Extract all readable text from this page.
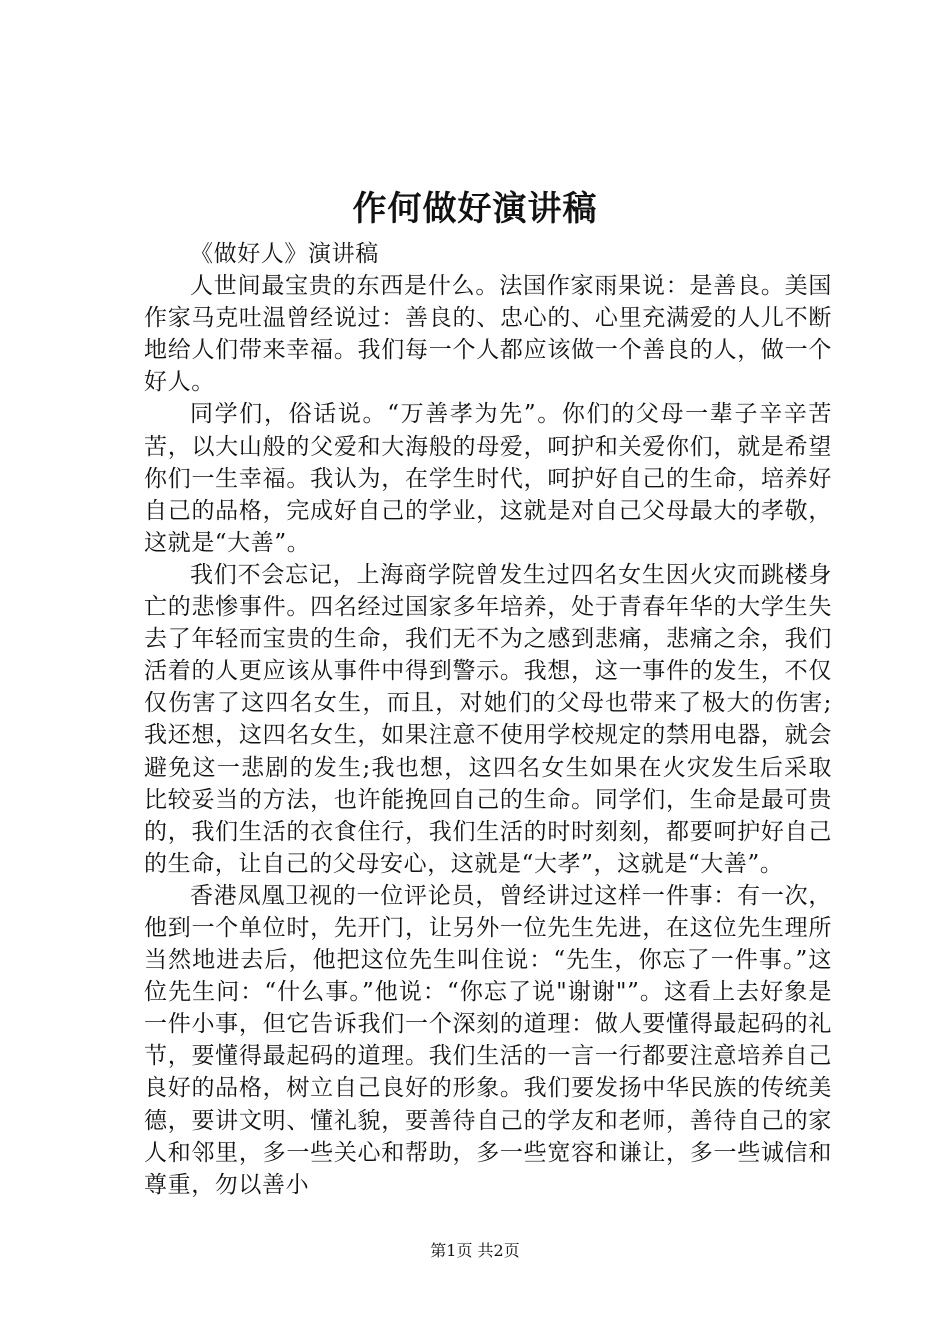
作何做好演讲稿

《做好人》演讲稿

人世间最宝贵的东西是什么。法国作家雨果说：是善良。美国作家马克吐温曾经说过：善良的、忠心的、心里充满爱的人儿不断地给人们带来幸福。我们每一个人都应该做一个善良的人，做一个好人。

同学们，俗话说。“万善孝为先”。你们的父母一辈子辛辛苦苦，以大山般的父爱和大海般的母爱，呵护和关爱你们，就是希望你们一生幸福。我认为，在学生时代，呵护好自己的生命，培养好自己的品格，完成好自己的学业，这就是对自己父母最大的孝敬，这就是“大善”。

我们不会忘记，上海商学院曾发生过四名女生因火灾而跳楼身亡的悲惨事件。四名经过国家多年培养，处于青春年华的大学生失去了年轻而宝贵的生命，我们无不为之感到悲痛，悲痛之余，我们活着的人更应该从事件中得到警示。我想，这一事件的发生，不仅仅伤害了这四名女生，而且，对她们的父母也带来了极大的伤害;我还想，这四名女生，如果注意不使用学校规定的禁用电器，就会避免这一悲剧的发生;我也想，这四名女生如果在火灾发生后采取比较妥当的方法，也许能挽回自己的生命。同学们，生命是最可贵的，我们生活的衣食住行，我们生活的时时刻刻，都要呵护好自己的生命，让自己的父母安心，这就是“大孝”，这就是“大善”。

香港凤凰卫视的一位评论员，曾经讲过这样一件事：有一次，他到一个单位时，先开门，让另外一位先生先进，在这位先生理所当然地进去后，他把这位先生叫住说：“先生，你忘了一件事。”这位先生问：“什么事。”他说：“你忘了说"谢谢"”。这看上去好象是一件小事，但它告诉我们一个深刻的道理：做人要懂得最起码的礼节，要懂得最起码的道理。我们生活的一言一行都要注意培养自己良好的品格，树立自己良好的形象。我们要发扬中华民族的传统美德，要讲文明、懂礼貌，要善待自己的学友和老师，善待自己的家人和邻里，多一些关心和帮助，多一些宽容和谦让，多一些诚信和尊重，勿以善小

第1页 共2页
